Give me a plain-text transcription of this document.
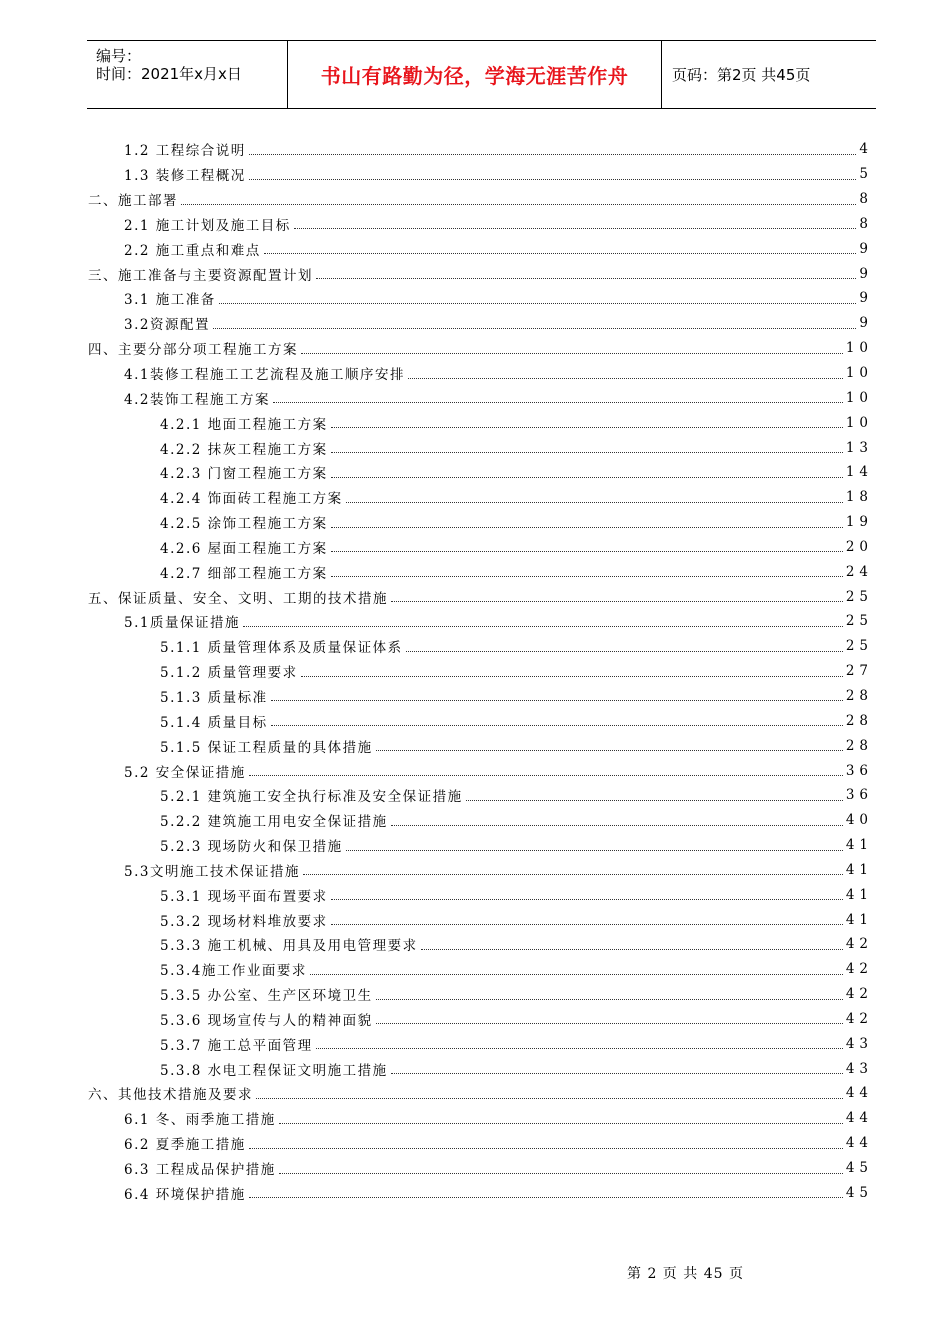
编号：
时间：2021年x月x日	书山有路勤为径，学海无涯苦作舟	页码：第2页 共45页
1.2 工程综合说明	4
1.3 装修工程概况	5
二、施工部署	8
2.1 施工计划及施工目标	8
2.2 施工重点和难点	9
三、施工准备与主要资源配置计划	9
3.1 施工准备	9
3.2资源配置	9
四、主要分部分项工程施工方案	10
4.1装修工程施工工艺流程及施工顺序安排	10
4.2装饰工程施工方案	10
4.2.1 地面工程施工方案	10
4.2.2 抹灰工程施工方案	13
4.2.3 门窗工程施工方案	14
4.2.4 饰面砖工程施工方案	18
4.2.5 涂饰工程施工方案	19
4.2.6 屋面工程施工方案	20
4.2.7 细部工程施工方案	24
五、保证质量、安全、文明、工期的技术措施	25
5.1质量保证措施	25
5.1.1 质量管理体系及质量保证体系	25
5.1.2 质量管理要求	27
5.1.3 质量标准	28
5.1.4 质量目标	28
5.1.5 保证工程质量的具体措施	28
5.2 安全保证措施	36
5.2.1 建筑施工安全执行标准及安全保证措施	36
5.2.2 建筑施工用电安全保证措施	40
5.2.3 现场防火和保卫措施	41
5.3文明施工技术保证措施	41
5.3.1 现场平面布置要求	41
5.3.2 现场材料堆放要求	41
5.3.3 施工机械、用具及用电管理要求	42
5.3.4施工作业面要求	42
5.3.5 办公室、生产区环境卫生	42
5.3.6 现场宣传与人的精神面貌	42
5.3.7 施工总平面管理	43
5.3.8 水电工程保证文明施工措施	43
六、其他技术措施及要求	44
6.1 冬、雨季施工措施	44
6.2 夏季施工措施	44
6.3 工程成品保护措施	45
6.4 环境保护措施	45
第 2 页 共 45 页
